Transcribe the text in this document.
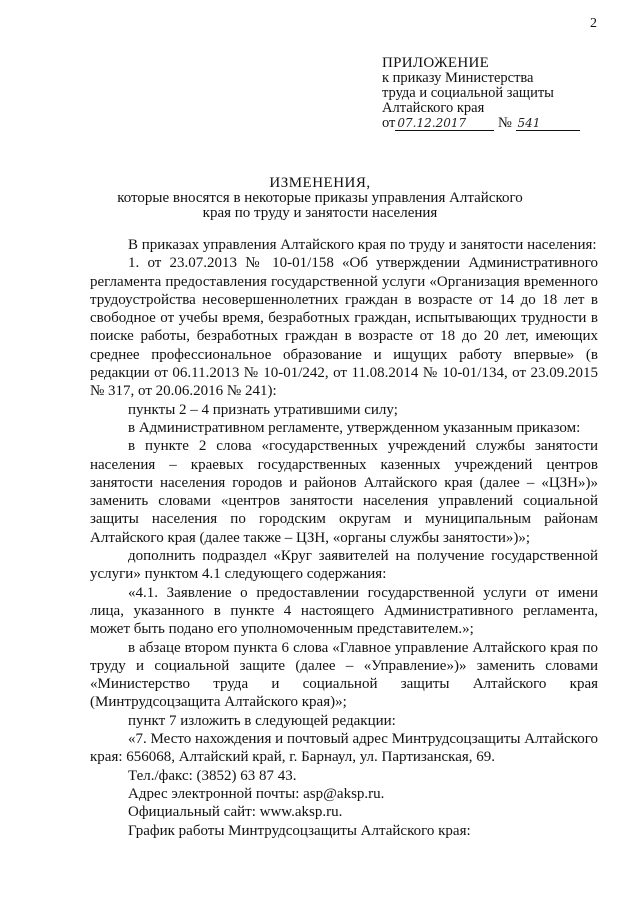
2
ПРИЛОЖЕНИЕ
к приказу Министерства
труда и социальной защиты
Алтайского края
от 07.12.2017 № 541
ИЗМЕНЕНИЯ,
которые вносятся в некоторые приказы управления Алтайского
края по труду и занятости населения

В приказах управления Алтайского края по труду и занятости населения:

1. от 23.07.2013 № 10-01/158 «Об утверждении Административного регламента предоставления государственной услуги «Организация временного трудоустройства несовершеннолетних граждан в возрасте от 14 до 18 лет в свободное от учебы время, безработных граждан, испытывающих трудности в поиске работы, безработных граждан в возрасте от 18 до 20 лет, имеющих среднее профессиональное образование и ищущих работу впервые» (в редакции от 06.11.2013 № 10-01/242, от 11.08.2014 № 10-01/134, от 23.09.2015 № 317, от 20.06.2016 № 241):

пункты 2 – 4 признать утратившими силу;

в Административном регламенте, утвержденном указанным приказом:

в пункте 2 слова «государственных учреждений службы занятости населения – краевых государственных казенных учреждений центров занятости населения городов и районов Алтайского края (далее – «ЦЗН»)» заменить словами «центров занятости населения управлений социальной защиты населения по городским округам и муниципальным районам Алтайского края (далее также – ЦЗН, «органы службы занятости»)»;

дополнить подраздел «Круг заявителей на получение государственной услуги» пунктом 4.1 следующего содержания:

«4.1. Заявление о предоставлении государственной услуги от имени лица, указанного в пункте 4 настоящего Административного регламента, может быть подано его уполномоченным представителем.»;

в абзаце втором пункта 6 слова «Главное управление Алтайского края по труду и социальной защите (далее – «Управление»)» заменить словами «Министерство труда и социальной защиты Алтайского края (Минтрудсоцзащита Алтайского края)»;

пункт 7 изложить в следующей редакции:

«7. Место нахождения и почтовый адрес Минтрудсоцзащиты Алтайского края: 656068, Алтайский край, г. Барнаул, ул. Партизанская, 69.

Тел./факс: (3852) 63 87 43.

Адрес электронной почты: asp@aksp.ru.

Официальный сайт: www.aksp.ru.

График работы Минтрудсоцзащиты Алтайского края:
